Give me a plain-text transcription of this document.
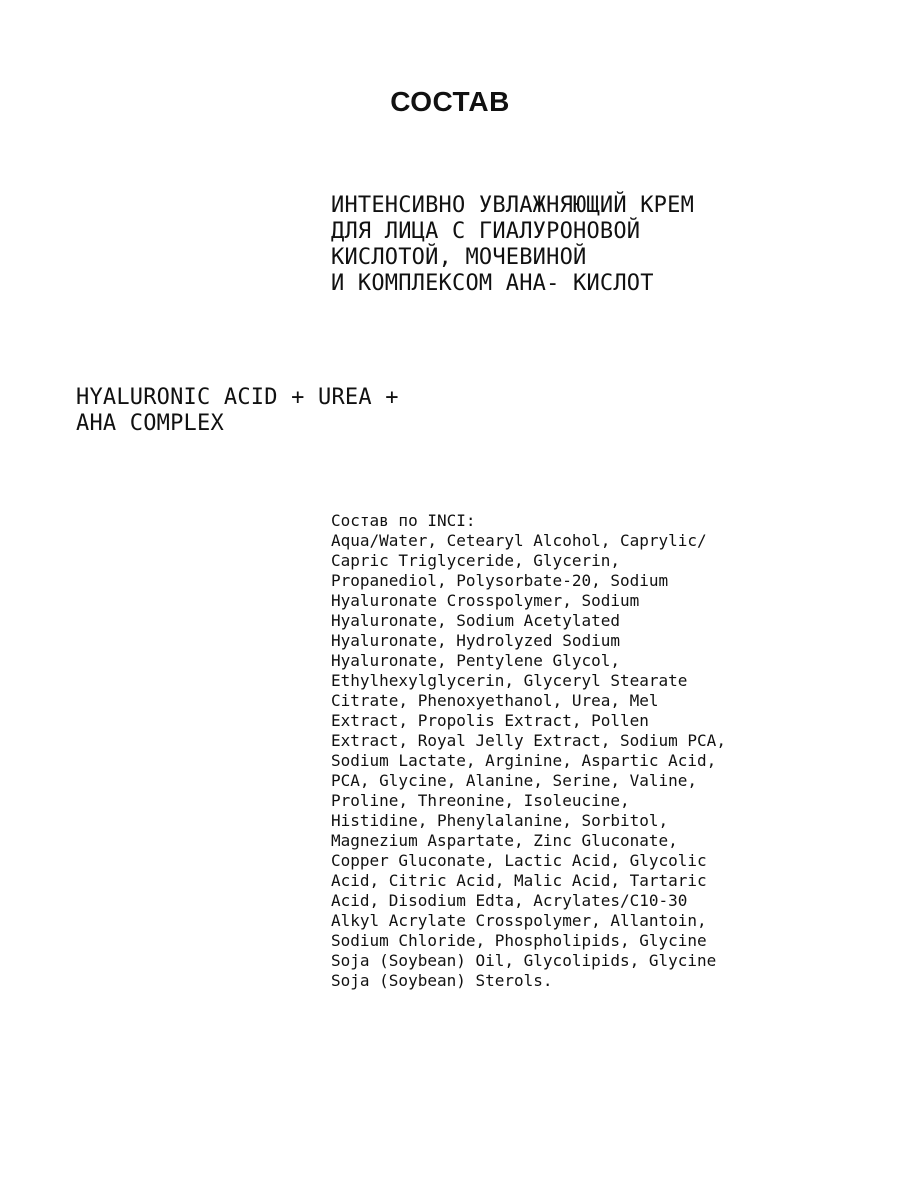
СОСТАВ
ИНТЕНСИВНО УВЛАЖНЯЮЩИЙ КРЕМ
ДЛЯ ЛИЦА С ГИАЛУРОНОВОЙ
КИСЛОТОЙ, МОЧЕВИНОЙ
И КОМПЛЕКСОМ АНА- КИСЛОТ
HYALURONIC ACID + UREA +
AHA COMPLEX
Состав по INCI:
Aqua/Water, Cetearyl Alcohol, Caprylic/
Capric Triglyceride, Glycerin,
Propanediol, Polysorbate-20, Sodium
Hyaluronate Crosspolymer, Sodium
Hyaluronate, Sodium Acetylated
Hyaluronate, Hydrolyzed Sodium
Hyaluronate, Pentylene Glycol,
Ethylhexylglycerin, Glyceryl Stearate
Citrate, Phenoxyethanol, Urea, Mel
Extract, Propolis Extract, Pollen
Extract, Royal Jelly Extract, Sodium PCA,
Sodium Lactate, Arginine, Aspartic Acid,
PCA, Glycine, Alanine, Serine, Valine,
Proline, Threonine, Isoleucine,
Histidine, Phenylalanine, Sorbitol,
Magnezium Aspartate, Zinc Gluconate,
Copper Gluconate, Lactic Acid, Glycolic
Acid, Citric Acid, Malic Acid, Tartaric
Acid, Disodium Edta, Acrylates/C10-30
Alkyl Acrylate Crosspolymer, Allantoin,
Sodium Chloride, Phospholipids, Glycine
Soja (Soybean) Oil, Glycolipids, Glycine
Soja (Soybean) Sterols.
